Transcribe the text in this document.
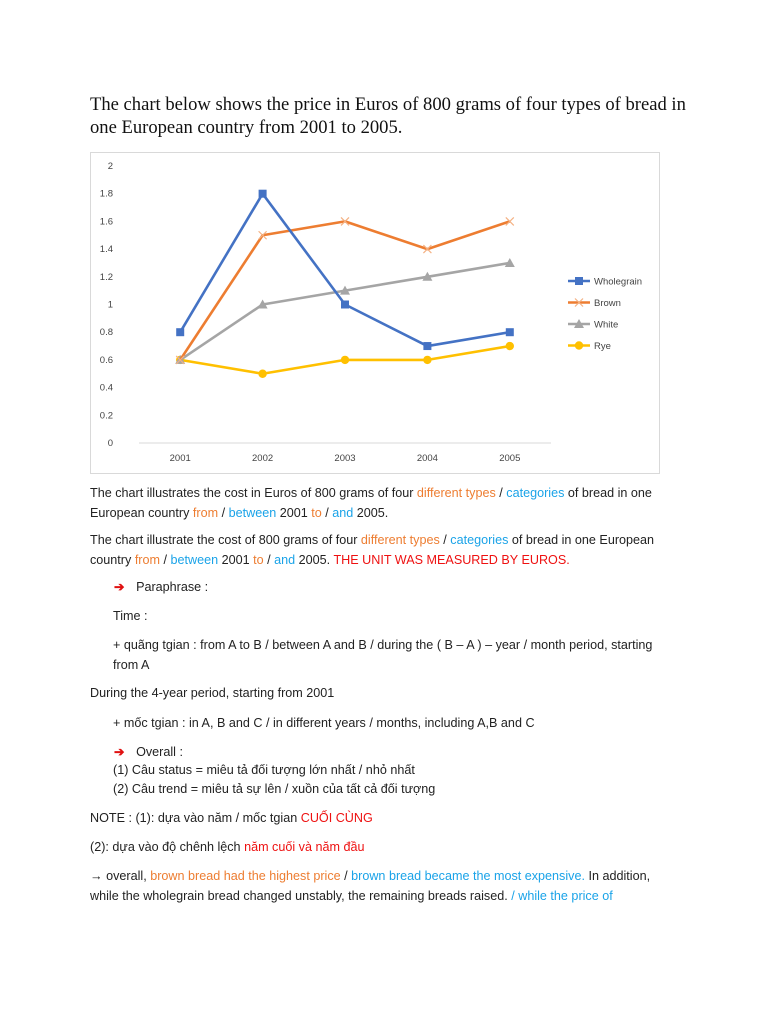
The chart below shows the price in Euros of 800 grams of four types of bread in one European country from 2001 to 2005.
0
0.2
0.4
0.6
0.8
1
1.2
1.4
1.6
1.8
2
2001	2002	2003	2004	2005
Wholegrain
Brown
White
Rye
The chart illustrates the cost in Euros of 800 grams of four different types / categories of bread in one European country from / between 2001 to / and 2005.
The chart illustrate the cost of 800 grams of four different types / categories of bread in one European country from / between 2001 to / and 2005. THE UNIT WAS MEASURED BY EUROS.
➔ Paraphrase :
Time :
+ quãng tgian : from A to B / between A and B / during the ( B – A ) – year / month period, starting from A
During the 4-year period, starting from 2001
+ mốc tgian : in A, B and C / in different years / months, including A,B and C
➔ Overall :
(1) Câu status = miêu tả đối tượng lớn nhất / nhỏ nhất
(2) Câu trend = miêu tả sự lên / xuồn của tất cả đối tượng
NOTE : (1): dựa vào năm / mốc tgian CUỐI CÙNG
(2): dựa vào độ chênh lệch năm cuối và năm đầu
→ overall, brown bread had the highest price / brown bread became the most expensive. In addition, while the wholegrain bread changed unstably, the remaining breads raised. / while the price of
